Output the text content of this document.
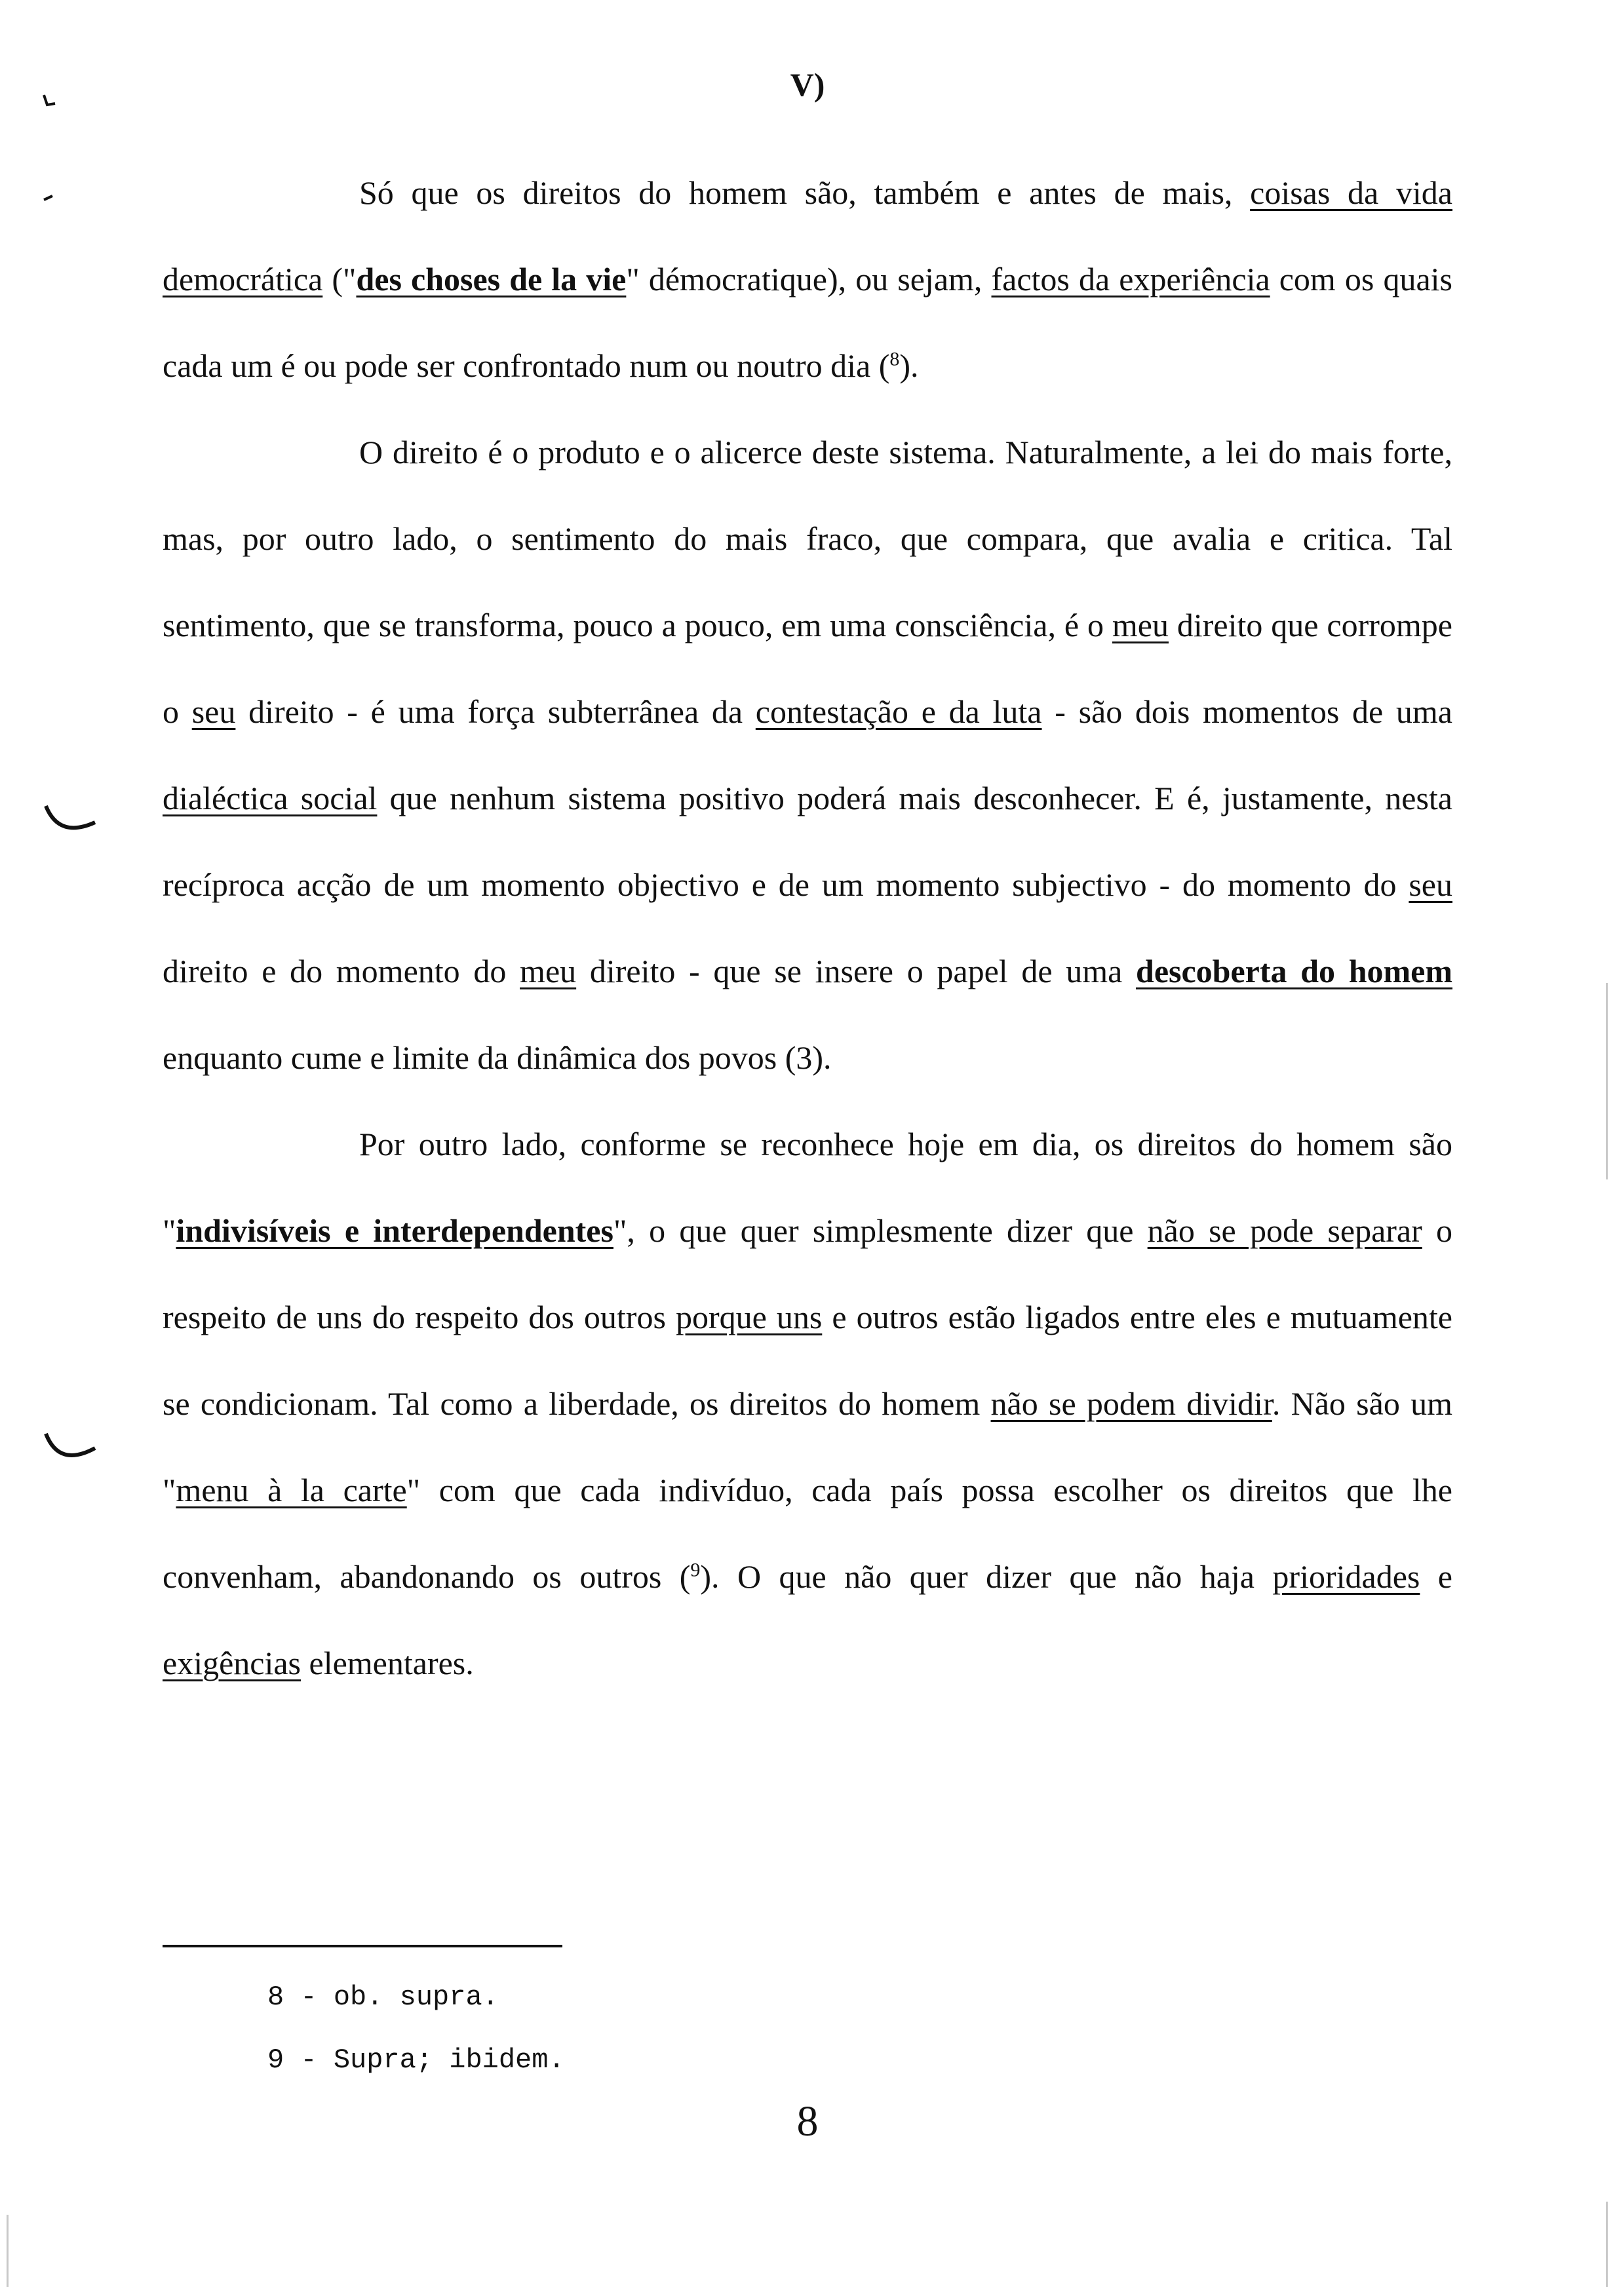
V)

Só que os direitos do homem são, também e antes de mais, coisas da vida democrática ("des choses de la vie" démocratique), ou sejam, factos da experiência com os quais cada um é ou pode ser confrontado num ou noutro dia ($^8$).

O direito é o produto e o alicerce deste sistema. Naturalmente, a lei do mais forte, mas, por outro lado, o sentimento do mais fraco, que compara, que avalia e critica. Tal sentimento, que se transforma, pouco a pouco, em uma consciência, é o meu direito que corrompe o seu direito - é uma força subterrânea da contestação e da luta - são dois momentos de uma dialéctica social que nenhum sistema positivo poderá mais desconhecer. E é, justamente, nesta recíproca acção de um momento objectivo e de um momento subjectivo - do momento do seu direito e do momento do meu direito - que se insere o papel de uma descoberta do homem enquanto cume e limite da dinâmica dos povos (3).

Por outro lado, conforme se reconhece hoje em dia, os direitos do homem são "indivisíveis e interdependentes", o que quer simplesmente dizer que não se pode separar o respeito de uns do respeito dos outros porque uns e outros estão ligados entre eles e mutuamente se condicionam. Tal como a liberdade, os direitos do homem não se podem dividir. Não são um "menu à la carte" com que cada indivíduo, cada país possa escolher os direitos que lhe convenham, abandonando os outros ($^9$). O que não quer dizer que não haja prioridades e exigências elementares.

8 - ob. supra.
9 - Supra; ibidem.
8
